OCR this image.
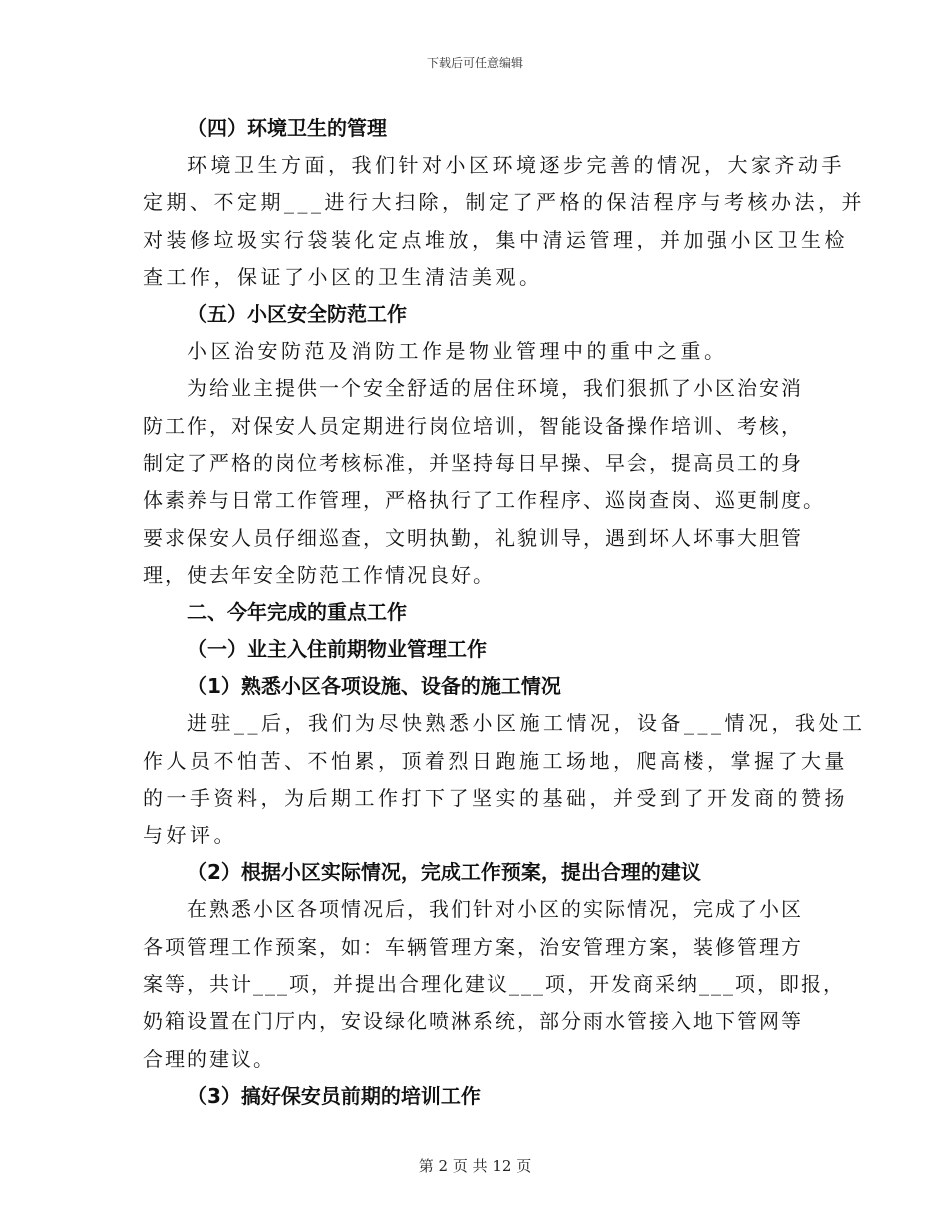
下载后可任意编辑
（四）环境卫生的管理
环境卫生方面，我们针对小区环境逐步完善的情况，大家齐动手
定期、不定期___进行大扫除，制定了严格的保洁程序与考核办法，并
对装修垃圾实行袋装化定点堆放，集中清运管理，并加强小区卫生检
查工作，保证了小区的卫生清洁美观。
（五）小区安全防范工作
小区治安防范及消防工作是物业管理中的重中之重。
为给业主提供一个安全舒适的居住环境，我们狠抓了小区治安消
防工作，对保安人员定期进行岗位培训，智能设备操作培训、考核，
制定了严格的岗位考核标准，并坚持每日早操、早会，提高员工的身
体素养与日常工作管理，严格执行了工作程序、巡岗查岗、巡更制度。
要求保安人员仔细巡查，文明执勤，礼貌训导，遇到坏人坏事大胆管
理，使去年安全防范工作情况良好。
二、今年完成的重点工作
（一）业主入住前期物业管理工作
（1）熟悉小区各项设施、设备的施工情况
进驻__后，我们为尽快熟悉小区施工情况，设备___情况，我处工
作人员不怕苦、不怕累，顶着烈日跑施工场地，爬高楼，掌握了大量
的一手资料，为后期工作打下了坚实的基础，并受到了开发商的赞扬
与好评。
（2）根据小区实际情况，完成工作预案，提出合理的建议
在熟悉小区各项情况后，我们针对小区的实际情况，完成了小区
各项管理工作预案，如：车辆管理方案，治安管理方案，装修管理方
案等，共计___项，并提出合理化建议___项，开发商采纳___项，即报，
奶箱设置在门厅内，安设绿化喷淋系统，部分雨水管接入地下管网等
合理的建议。
（3）搞好保安员前期的培训工作
第 2 页 共 12 页
